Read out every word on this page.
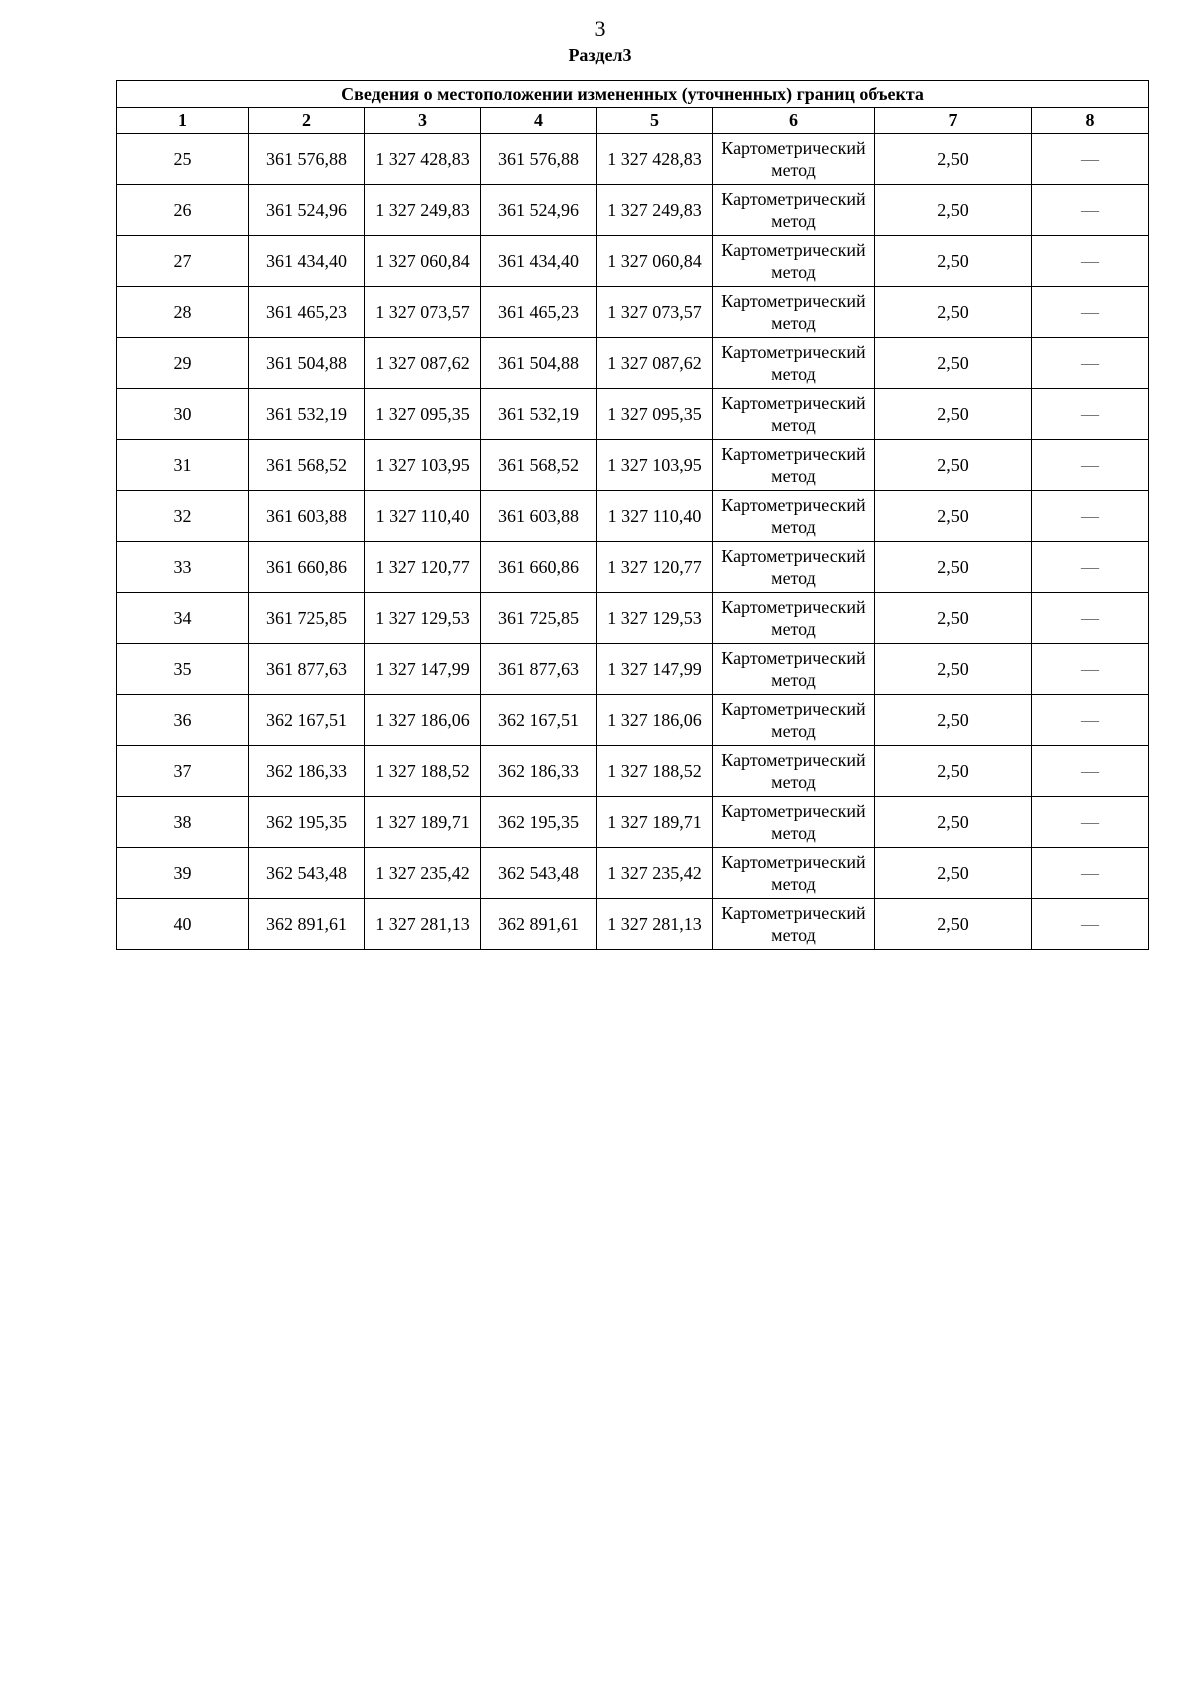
3
Раздел3
Сведения о местоположении измененных (уточненных) границ объекта							
1	2	3	4	5	6	7	8
25	361 576,88	1 327 428,83	361 576,88	1 327 428,83	Картометрический метод	2,50	—
26	361 524,96	1 327 249,83	361 524,96	1 327 249,83	Картометрический метод	2,50	—
27	361 434,40	1 327 060,84	361 434,40	1 327 060,84	Картометрический метод	2,50	—
28	361 465,23	1 327 073,57	361 465,23	1 327 073,57	Картометрический метод	2,50	—
29	361 504,88	1 327 087,62	361 504,88	1 327 087,62	Картометрический метод	2,50	—
30	361 532,19	1 327 095,35	361 532,19	1 327 095,35	Картометрический метод	2,50	—
31	361 568,52	1 327 103,95	361 568,52	1 327 103,95	Картометрический метод	2,50	—
32	361 603,88	1 327 110,40	361 603,88	1 327 110,40	Картометрический метод	2,50	—
33	361 660,86	1 327 120,77	361 660,86	1 327 120,77	Картометрический метод	2,50	—
34	361 725,85	1 327 129,53	361 725,85	1 327 129,53	Картометрический метод	2,50	—
35	361 877,63	1 327 147,99	361 877,63	1 327 147,99	Картометрический метод	2,50	—
36	362 167,51	1 327 186,06	362 167,51	1 327 186,06	Картометрический метод	2,50	—
37	362 186,33	1 327 188,52	362 186,33	1 327 188,52	Картометрический метод	2,50	—
38	362 195,35	1 327 189,71	362 195,35	1 327 189,71	Картометрический метод	2,50	—
39	362 543,48	1 327 235,42	362 543,48	1 327 235,42	Картометрический метод	2,50	—
40	362 891,61	1 327 281,13	362 891,61	1 327 281,13	Картометрический метод	2,50	—
